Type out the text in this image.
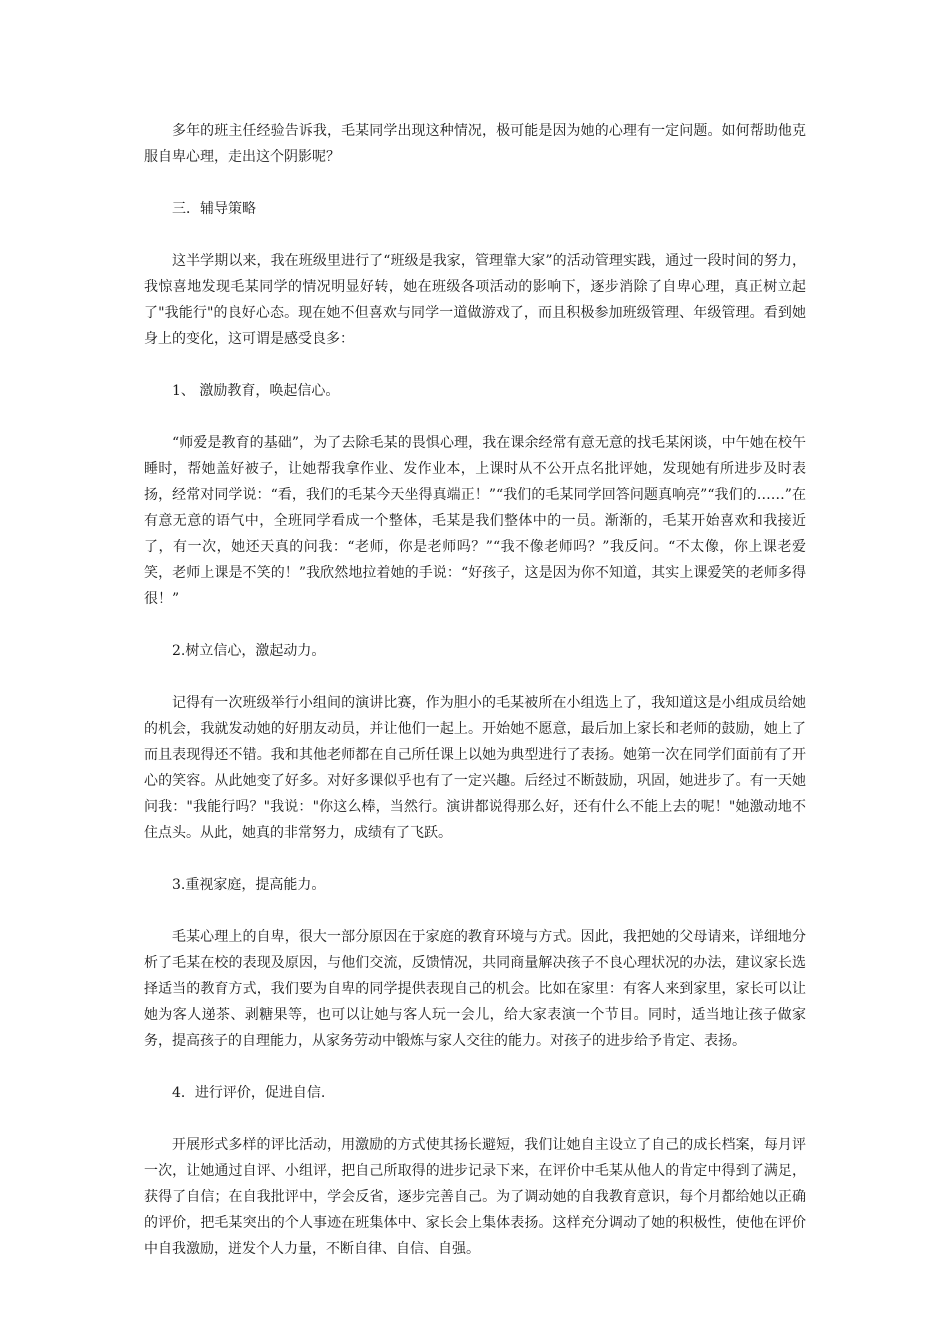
多年的班主任经验告诉我，毛某同学出现这种情况，极可能是因为她的心理有一定问题。如何帮助他克服自卑心理，走出这个阴影呢？

三．辅导策略

这半学期以来，我在班级里进行了“班级是我家，管理靠大家”的活动管理实践，通过一段时间的努力，我惊喜地发现毛某同学的情况明显好转，她在班级各项活动的影响下，逐步消除了自卑心理，真正树立起了"我能行"的良好心态。现在她不但喜欢与同学一道做游戏了，而且积极参加班级管理、年级管理。看到她身上的变化，这可谓是感受良多：

1、 激励教育，唤起信心。

“师爱是教育的基础”，为了去除毛某的畏惧心理，我在课余经常有意无意的找毛某闲谈，中午她在校午睡时，帮她盖好被子，让她帮我拿作业、发作业本，上课时从不公开点名批评她，发现她有所进步及时表扬，经常对同学说：“看，我们的毛某今天坐得真端正！”“我们的毛某同学回答问题真响亮”“我们的……”在有意无意的语气中，全班同学看成一个整体，毛某是我们整体中的一员。渐渐的，毛某开始喜欢和我接近了，有一次，她还天真的问我：“老师，你是老师吗？”“我不像老师吗？”我反问。“不太像，你上课老爱笑，老师上课是不笑的！”我欣然地拉着她的手说：“好孩子，这是因为你不知道，其实上课爱笑的老师多得很！”

2.树立信心，激起动力。

记得有一次班级举行小组间的演讲比赛，作为胆小的毛某被所在小组选上了，我知道这是小组成员给她的机会，我就发动她的好朋友动员，并让他们一起上。开始她不愿意，最后加上家长和老师的鼓励，她上了而且表现得还不错。我和其他老师都在自己所任课上以她为典型进行了表扬。她第一次在同学们面前有了开心的笑容。从此她变了好多。对好多课似乎也有了一定兴趣。后经过不断鼓励，巩固，她进步了。有一天她问我："我能行吗？"我说："你这么棒，当然行。演讲都说得那么好，还有什么不能上去的呢！"她激动地不住点头。从此，她真的非常努力，成绩有了飞跃。

3.重视家庭，提高能力。

毛某心理上的自卑，很大一部分原因在于家庭的教育环境与方式。因此，我把她的父母请来，详细地分析了毛某在校的表现及原因，与他们交流，反馈情况，共同商量解决孩子不良心理状况的办法，建议家长选择适当的教育方式，我们要为自卑的同学提供表现自己的机会。比如在家里：有客人来到家里，家长可以让她为客人递茶、剥糖果等，也可以让她与客人玩一会儿，给大家表演一个节目。同时，适当地让孩子做家务，提高孩子的自理能力，从家务劳动中锻炼与家人交往的能力。对孩子的进步给予肯定、表扬。

4．进行评价，促进自信.

开展形式多样的评比活动，用激励的方式使其扬长避短，我们让她自主设立了自己的成长档案，每月评一次，让她通过自评、小组评，把自己所取得的进步记录下来，在评价中毛某从他人的肯定中得到了满足，获得了自信；在自我批评中，学会反省，逐步完善自己。为了调动她的自我教育意识，每个月都给她以正确的评价，把毛某突出的个人事迹在班集体中、家长会上集体表扬。这样充分调动了她的积极性，使他在评价中自我激励，迸发个人力量，不断自律、自信、自强。
